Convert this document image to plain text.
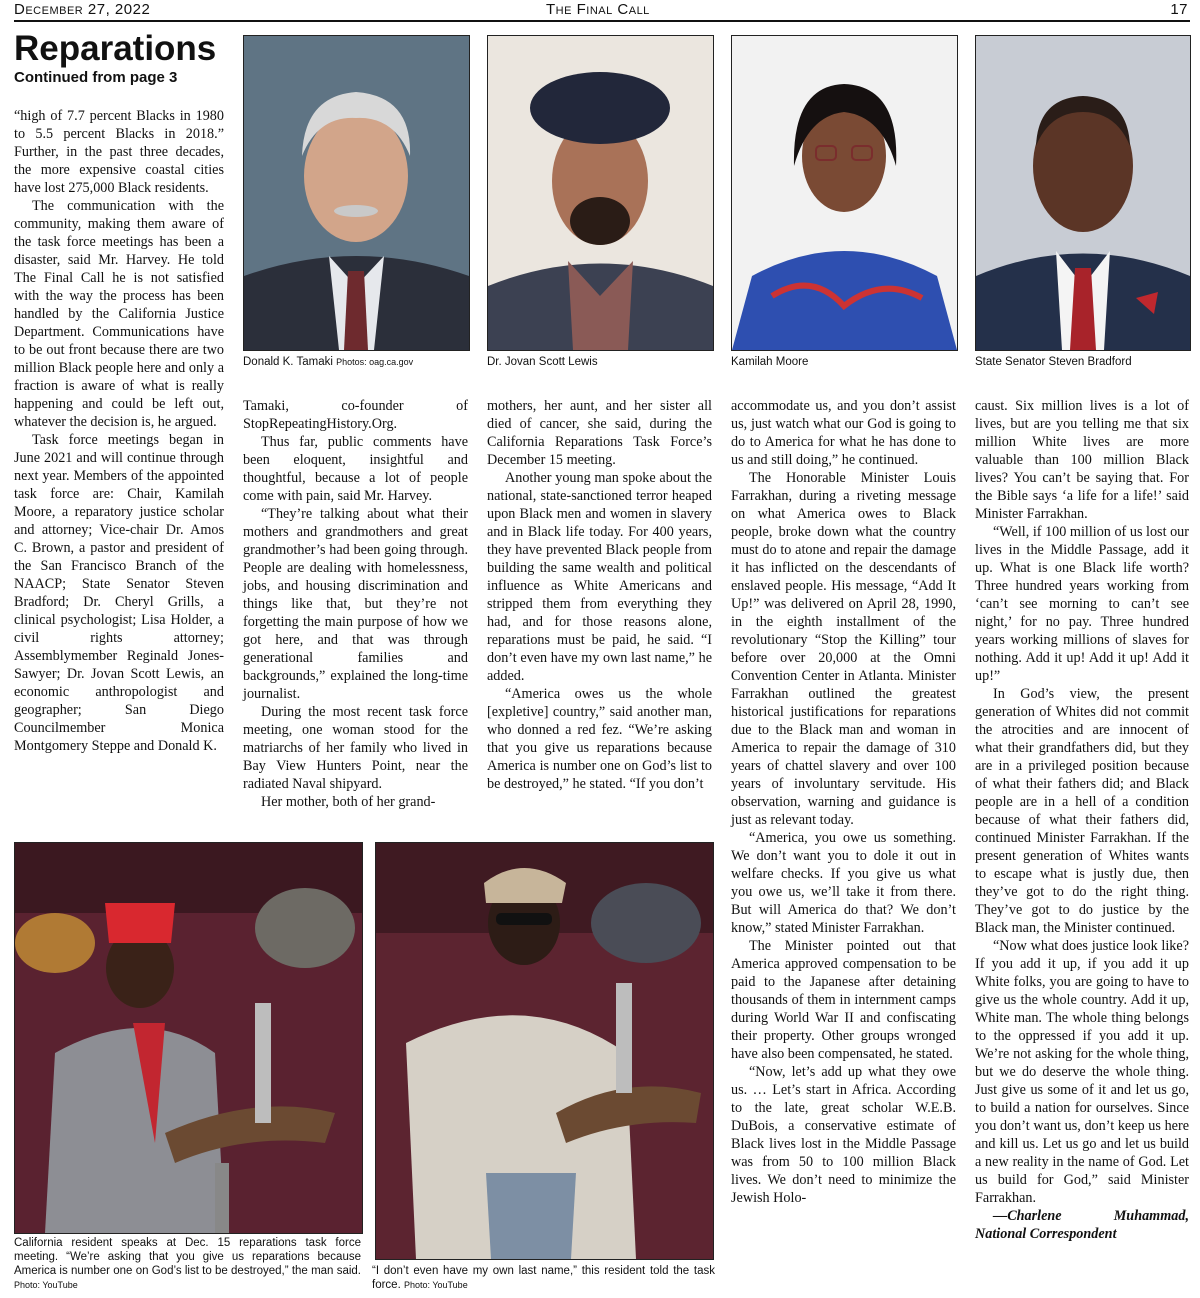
December 27, 2022	The Final Call	17
Reparations
Continued from page 3

“high of 7.7 percent Blacks in 1980 to 5.5 percent Blacks in 2018.” Further, in the past three decades, the more expensive coastal cities have lost 275,000 Black residents.

The communication with the community, making them aware of the task force meetings has been a disaster, said Mr. Harvey. He told The Final Call he is not satisfied with the way the process has been handled by the California Justice Department. Communications have to be out front because there are two million Black people here and only a fraction is aware of what is really happening and could be left out, whatever the decision is, he argued.

Task force meetings began in June 2021 and will continue through next year. Members of the appointed task force are: Chair, Kamilah Moore, a reparatory justice scholar and attorney; Vice-chair Dr. Amos C. Brown, a pastor and president of the San Francisco Branch of the NAACP; State Senator Steven Bradford; Dr. Cheryl Grills, a clinical psychologist; Lisa Holder, a civil rights attorney; Assemblymember Reginald Jones-Sawyer; Dr. Jovan Scott Lewis, an economic anthropologist and geographer; San Diego Councilmember Monica Montgomery Steppe and Donald K.

Donald K. Tamaki Photos: oag.ca.gov	Dr. Jovan Scott Lewis	Kamilah Moore	State Senator Steven Bradford

Tamaki, co-founder of StopRepeatingHistory.Org.

Thus far, public comments have been eloquent, insightful and thoughtful, because a lot of people come with pain, said Mr. Harvey.

“They’re talking about what their mothers and grandmothers and great grandmother’s had been going through. People are dealing with homelessness, jobs, and housing discrimination and things like that, but they’re not forgetting the main purpose of how we got here, and that was through generational families and backgrounds,” explained the long-time journalist.

During the most recent task force meeting, one woman stood for the matriarchs of her family who lived in Bay View Hunters Point, near the radiated Naval shipyard.

Her mother, both of her grand-

mothers, her aunt, and her sister all died of cancer, she said, during the California Reparations Task Force’s December 15 meeting.

Another young man spoke about the national, state-sanctioned terror heaped upon Black men and women in slavery and in Black life today. For 400 years, they have prevented Black people from building the same wealth and political influence as White Americans and stripped them from everything they had, and for those reasons alone, reparations must be paid, he said. “I don’t even have my own last name,” he added.

“America owes us the whole [expletive] country,” said another man, who donned a red fez. “We’re asking that you give us reparations because America is number one on God’s list to be destroyed,” he stated. “If you don’t

accommodate us, and you don’t assist us, just watch what our God is going to do to America for what he has done to us and still doing,” he continued.

The Honorable Minister Louis Farrakhan, during a riveting message on what America owes to Black people, broke down what the country must do to atone and repair the damage it has inflicted on the descendants of enslaved people. His message, “Add It Up!” was delivered on April 28, 1990, in the eighth installment of the revolutionary “Stop the Killing” tour before over 20,000 at the Omni Convention Center in Atlanta. Minister Farrakhan outlined the greatest historical justifications for reparations due to the Black man and woman in America to repair the damage of 310 years of chattel slavery and over 100 years of involuntary servitude. His observation, warning and guidance is just as relevant today.

“America, you owe us something. We don’t want you to dole it out in welfare checks. If you give us what you owe us, we’ll take it from there. But will America do that? We don’t know,” stated Minister Farrakhan.

The Minister pointed out that America approved compensation to be paid to the Japanese after detaining thousands of them in internment camps during World War II and confiscating their property. Other groups wronged have also been compensated, he stated.

“Now, let’s add up what they owe us. … Let’s start in Africa. According to the late, great scholar W.E.B. DuBois, a conservative estimate of Black lives lost in the Middle Passage was from 50 to 100 million Black lives. We don’t need to minimize the Jewish Holo-

caust. Six million lives is a lot of lives, but are you telling me that six million White lives are more valuable than 100 million Black lives? You can’t be saying that. For the Bible says ‘a life for a life!’ said Minister Farrakhan.

“Well, if 100 million of us lost our lives in the Middle Passage, add it up. What is one Black life worth? Three hundred years working from ‘can’t see morning to can’t see night,’ for no pay. Three hundred years working millions of slaves for nothing. Add it up! Add it up! Add it up!”

In God’s view, the present generation of Whites did not commit the atrocities and are innocent of what their grandfathers did, but they are in a privileged position because of what their fathers did; and Black people are in a hell of a condition because of what their fathers did, continued Minister Farrakhan. If the present generation of Whites wants to escape what is justly due, then they’ve got to do the right thing. They’ve got to do justice by the Black man, the Minister continued.

“Now what does justice look like? If you add it up, if you add it up White folks, you are going to have to give us the whole country. Add it up, White man. The whole thing belongs to the oppressed if you add it up. We’re not asking for the whole thing, but we do deserve the whole thing. Just give us some of it and let us go, to build a nation for ourselves. Since you don’t want us, don’t keep us here and kill us. Let us go and let us build a new reality in the name of God. Let us build for God,” said Minister Farrakhan.

—Charlene Muhammad, National Correspondent

California resident speaks at Dec. 15 reparations task force meeting. “We’re asking that you give us reparations because America is number one on God’s list to be destroyed,” the man said. Photo: YouTube
“I don’t even have my own last name,” this resident told the task force. Photo: YouTube
